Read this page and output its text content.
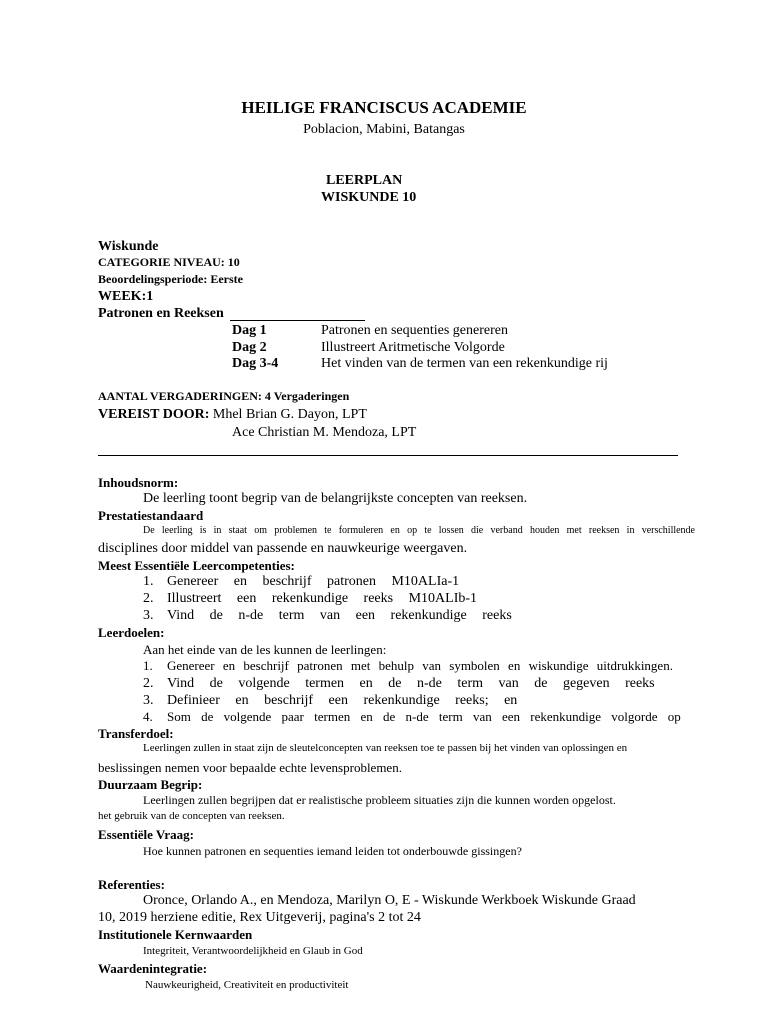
HEILIGE FRANCISCUS ACADEMIE
Poblacion, Mabini, Batangas
LEERPLAN
WISKUNDE 10
Wiskunde
CATEGORIE NIVEAU: 10
Beoordelingsperiode: Eerste
WEEK:1
Patronen en Reeksen
Dag 1	Patronen en sequenties genereren
Dag 2	Illustreert Aritmetische Volgorde
Dag 3-4	Het vinden van de termen van een rekenkundige rij
AANTAL VERGADERINGEN: 4 Vergaderingen
VEREIST DOOR: Mhel Brian G. Dayon, LPT
Ace Christian M. Mendoza, LPT
Inhoudsnorm:
De leerling toont begrip van de belangrijkste concepten van reeksen.
Prestatiestandaard
De leerling is in staat om problemen te formuleren en op te lossen die verband houden met reeksen in verschillende
disciplines door middel van passende en nauwkeurige weergaven.
Meest Essentiële Leercompetenties:
1. Genereer en beschrijf patronen M10ALIa-1
2. Illustreert een rekenkundige reeks M10ALIb-1
3. Vind de n-de term van een rekenkundige reeks
Leerdoelen:
Aan het einde van de les kunnen de leerlingen:
1. Genereer en beschrijf patronen met behulp van symbolen en wiskundige uitdrukkingen.
2. Vind de volgende termen en de n-de term van de gegeven reeks
3. Definieer en beschrijf een rekenkundige reeks; en
4. Som de volgende paar termen en de n-de term van een rekenkundige volgorde op
Transferdoel:
Leerlingen zullen in staat zijn de sleutelconcepten van reeksen toe te passen bij het vinden van oplossingen en
beslissingen nemen voor bepaalde echte levensproblemen.
Duurzaam Begrip:
Leerlingen zullen begrijpen dat er realistische probleem situaties zijn die kunnen worden opgelost.
het gebruik van de concepten van reeksen.
Essentiële Vraag:
Hoe kunnen patronen en sequenties iemand leiden tot onderbouwde gissingen?
Referenties:
Oronce, Orlando A., en Mendoza, Marilyn O, E - Wiskunde Werkboek Wiskunde Graad
10, 2019 herziene editie, Rex Uitgeverij, pagina's 2 tot 24
Institutionele Kernwaarden
Integriteit, Verantwoordelijkheid en Glaub in God
Waardenintegratie:
Nauwkeurigheid, Creativiteit en productiviteit
